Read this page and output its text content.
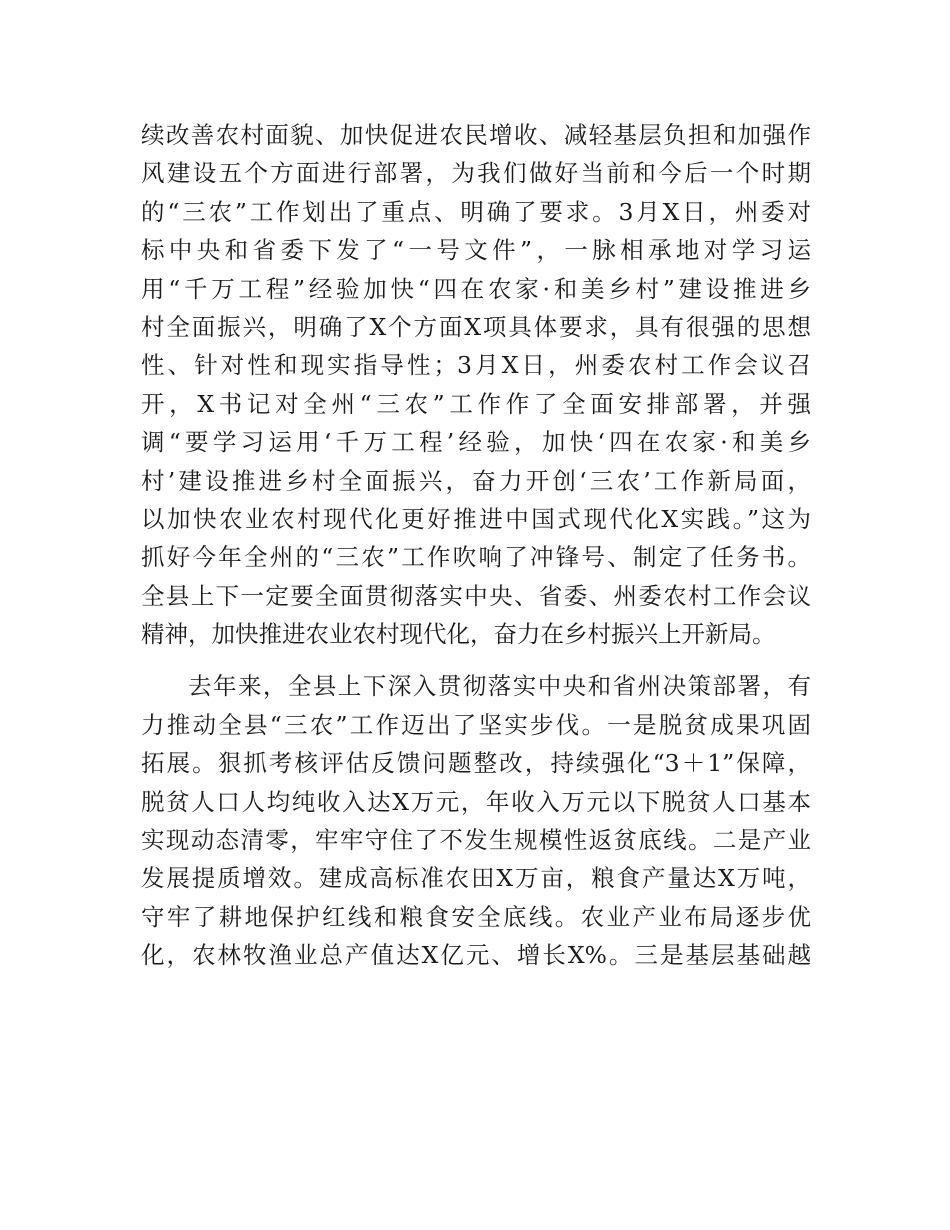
续改善农村面貌、加快促进农民增收、减轻基层负担和加强作
风建设五个方面进行部署，为我们做好当前和今后一个时期
的“三农”工作划出了重点、明确了要求。3月X日，州委对
标中央和省委下发了“一号文件”，一脉相承地对学习运
用“千万工程”经验加快“四在农家·和美乡村”建设推进乡
村全面振兴，明确了X个方面X项具体要求，具有很强的思想
性、针对性和现实指导性；3月X日，州委农村工作会议召
开，X书记对全州“三农”工作作了全面安排部署，并强
调“要学习运用‘千万工程’经验，加快‘四在农家·和美乡
村’建设推进乡村全面振兴，奋力开创‘三农’工作新局面，
以加快农业农村现代化更好推进中国式现代化X实践。”这为
抓好今年全州的“三农”工作吹响了冲锋号、制定了任务书。
全县上下一定要全面贯彻落实中央、省委、州委农村工作会议
精神，加快推进农业农村现代化，奋力在乡村振兴上开新局。
去年来，全县上下深入贯彻落实中央和省州决策部署，有
力推动全县“三农”工作迈出了坚实步伐。一是脱贫成果巩固
拓展。狠抓考核评估反馈问题整改，持续强化“3＋1”保障，
脱贫人口人均纯收入达X万元，年收入万元以下脱贫人口基本
实现动态清零，牢牢守住了不发生规模性返贫底线。二是产业
发展提质增效。建成高标准农田X万亩，粮食产量达X万吨，
守牢了耕地保护红线和粮食安全底线。农业产业布局逐步优
化，农林牧渔业总产值达X亿元、增长X%。三是基层基础越
